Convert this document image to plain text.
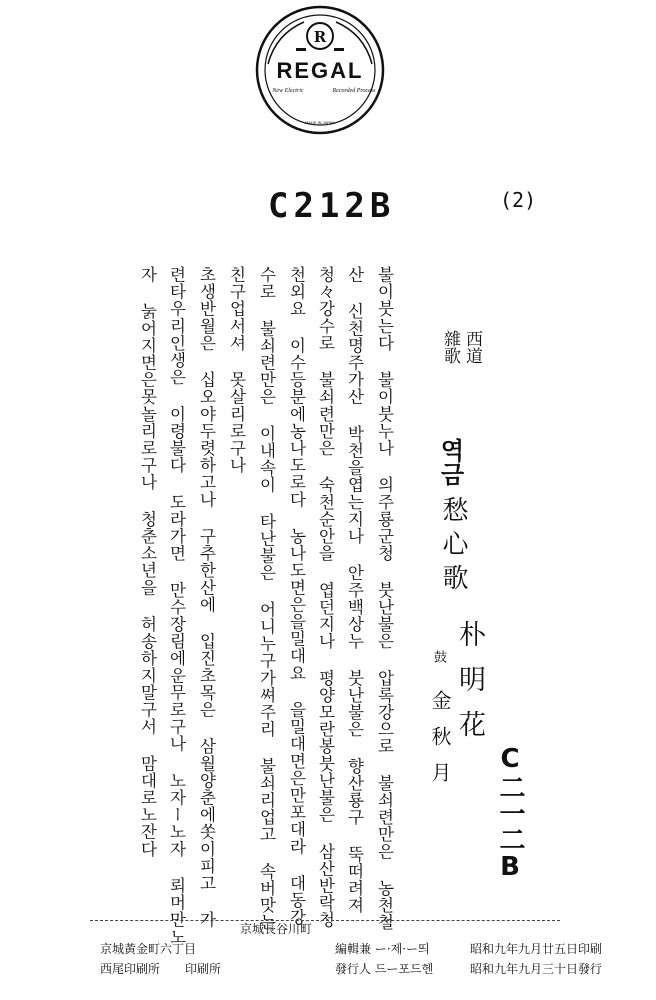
R
REGAL
New Electric	Recorded Process
MADE IN JAPAN
C212B	(2)
불이붓는다 불이붓누나 의주룡군청 붓난불은 압록강으로 불쇠련만은 농천철
산 신천명주가산 박천을엽는지나 안주백상누 붓난불은 향산룡구 뚝떠려져
청々강수로 불쇠련만은 숙천순안을 엽던지나 평양모란봉붓난불은 삼산반락청
천외요 이수등분에농나도로다 농나도면은을밀대요 을밀대면은만포대라 대동강
수로 불쇠련만은 이내속이 타난불은 어니누구가쎠주리 불쇠리업고 속버맛는
친구업서셔 못살리로구나
초생반월은 십오야두렷하고나 구추한산에 입진초목은 삼월양춘에쏫이피고 가
련타우리인생은 이령불다 도라가면 만수장림에운무로구나 노자ー노자 뢰머만노
자 눍어지면은못놀리로구나 청춘소년을 허송하지말구서 맘대로노잔다	西道
雜歌
역금
愁心歌
朴明花
鼓
金秋月 C二一二B
昭和九年九月廿五日印刷
昭和九年九月三十日發行
編輯兼 ー·제·ー띄
發行人 드ー포드헨
京城長谷川町
印刷所
京城黃金町六丁目
西尾印刷所
